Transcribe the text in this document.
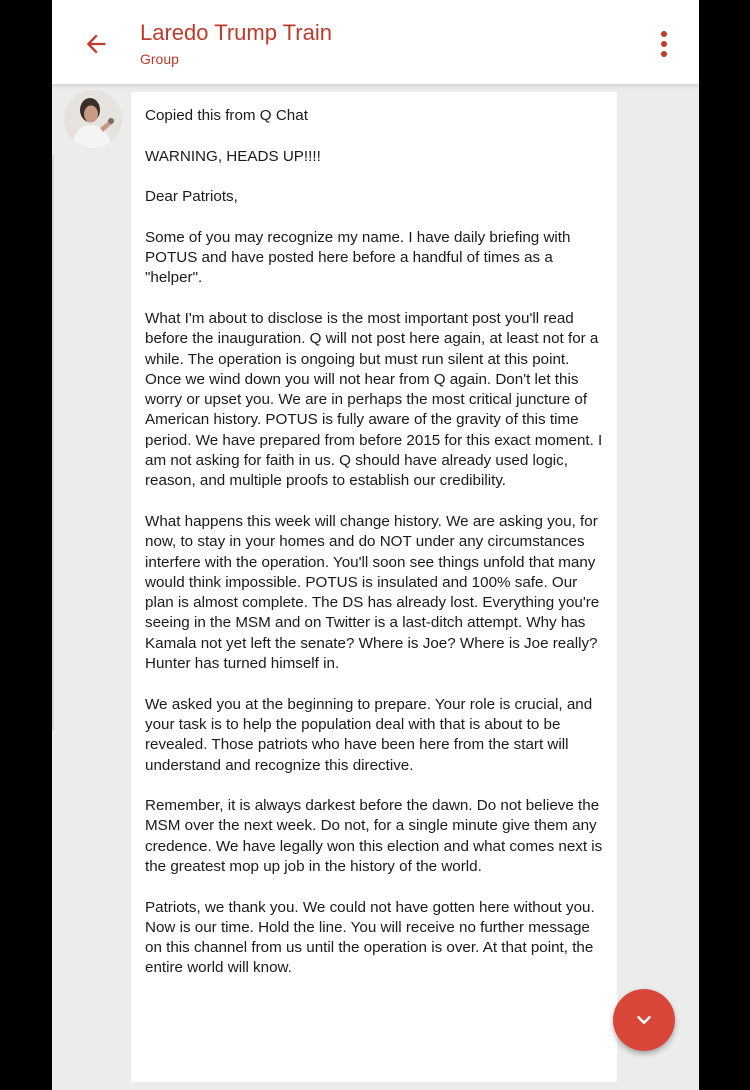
Laredo Trump Train
Group

Copied this from Q Chat

WARNING, HEADS UP!!!!

Dear Patriots,

Some of you may recognize my name. I have daily briefing with POTUS and have posted here before a handful of times as a "helper".

What I'm about to disclose is the most important post you'll read before the inauguration. Q will not post here again, at least not for a while. The operation is ongoing but must run silent at this point. Once we wind down you will not hear from Q again. Don't let this worry or upset you. We are in perhaps the most critical juncture of American history. POTUS is fully aware of the gravity of this time period. We have prepared from before 2015 for this exact moment. I am not asking for faith in us. Q should have already used logic, reason, and multiple proofs to establish our credibility.

What happens this week will change history. We are asking you, for now, to stay in your homes and do NOT under any circumstances interfere with the operation. You'll soon see things unfold that many would think impossible. POTUS is insulated and 100% safe. Our plan is almost complete. The DS has already lost. Everything you're seeing in the MSM and on Twitter is a last-ditch attempt. Why has Kamala not yet left the senate? Where is Joe? Where is Joe really? Hunter has turned himself in.

We asked you at the beginning to prepare. Your role is crucial, and your task is to help the population deal with that is about to be revealed. Those patriots who have been here from the start will understand and recognize this directive.

Remember, it is always darkest before the dawn. Do not believe the MSM over the next week. Do not, for a single minute give them any credence. We have legally won this election and what comes next is the greatest mop up job in the history of the world.

Patriots, we thank you. We could not have gotten here without you. Now is our time. Hold the line. You will receive no further message on this channel from us until the operation is over. At that point, the entire world will know.
